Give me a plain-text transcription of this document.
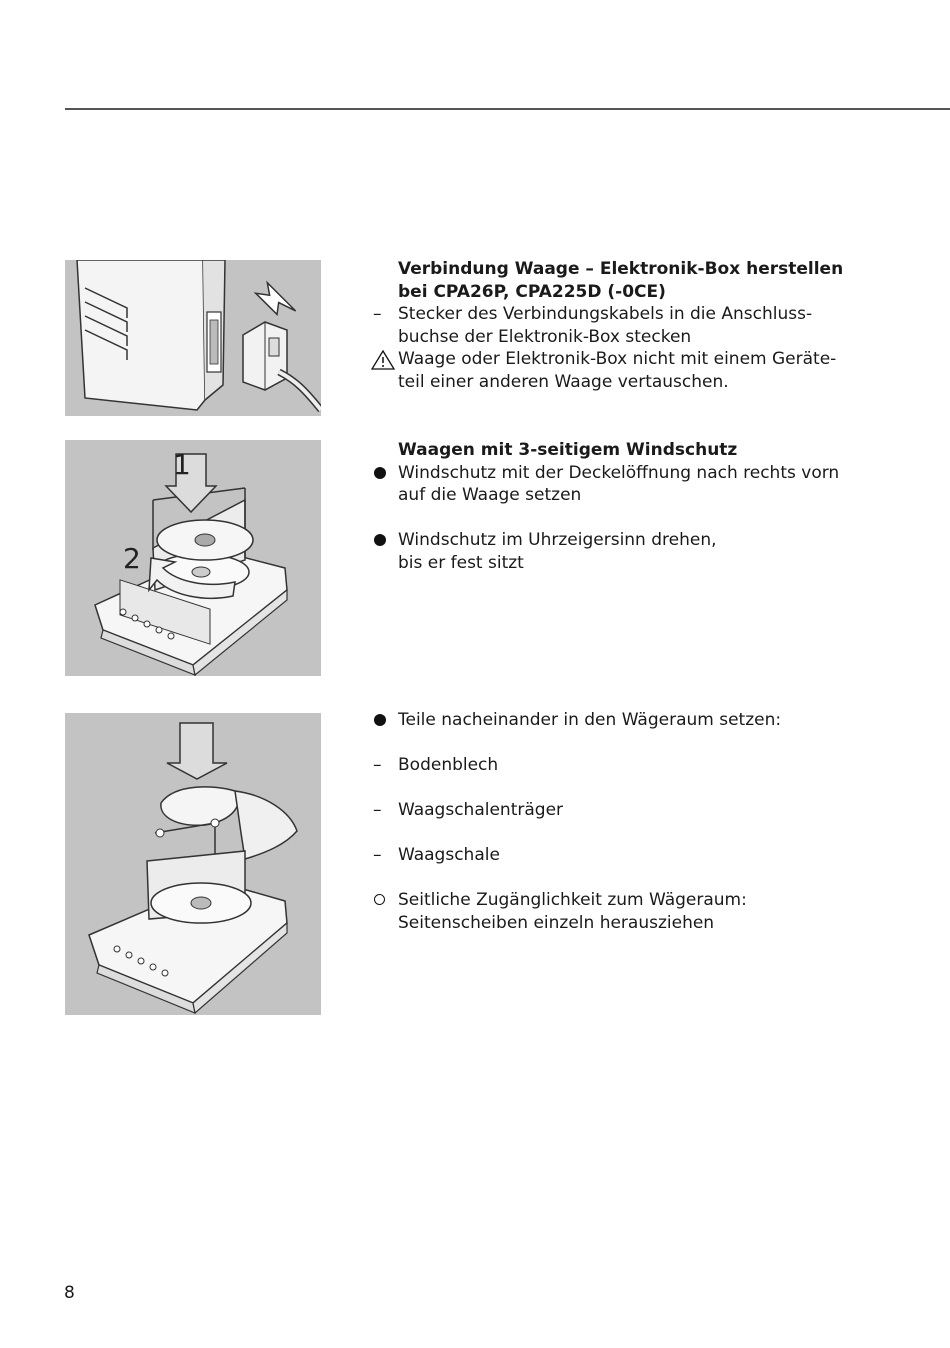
1
2
Verbindung Waage – Elektronik-Box herstellen
bei CPA26P, CPA225D (-0CE)
– Stecker des Verbindungskabels in die Anschluss-
buchse der Elektronik-Box stecken
Waage oder Elektronik-Box nicht mit einem Geräte-
teil einer anderen Waage vertauschen.
Waagen mit 3-seitigem Windschutz
Windschutz mit der Deckelöffnung nach rechts vorn
auf die Waage setzen
Windschutz im Uhrzeigersinn drehen,
bis er fest sitzt
Teile nacheinander in den Wägeraum setzen:
– Bodenblech
– Waagschalenträger
– Waagschale
Seitliche Zugänglichkeit zum Wägeraum:
Seitenscheiben einzeln herausziehen
8
